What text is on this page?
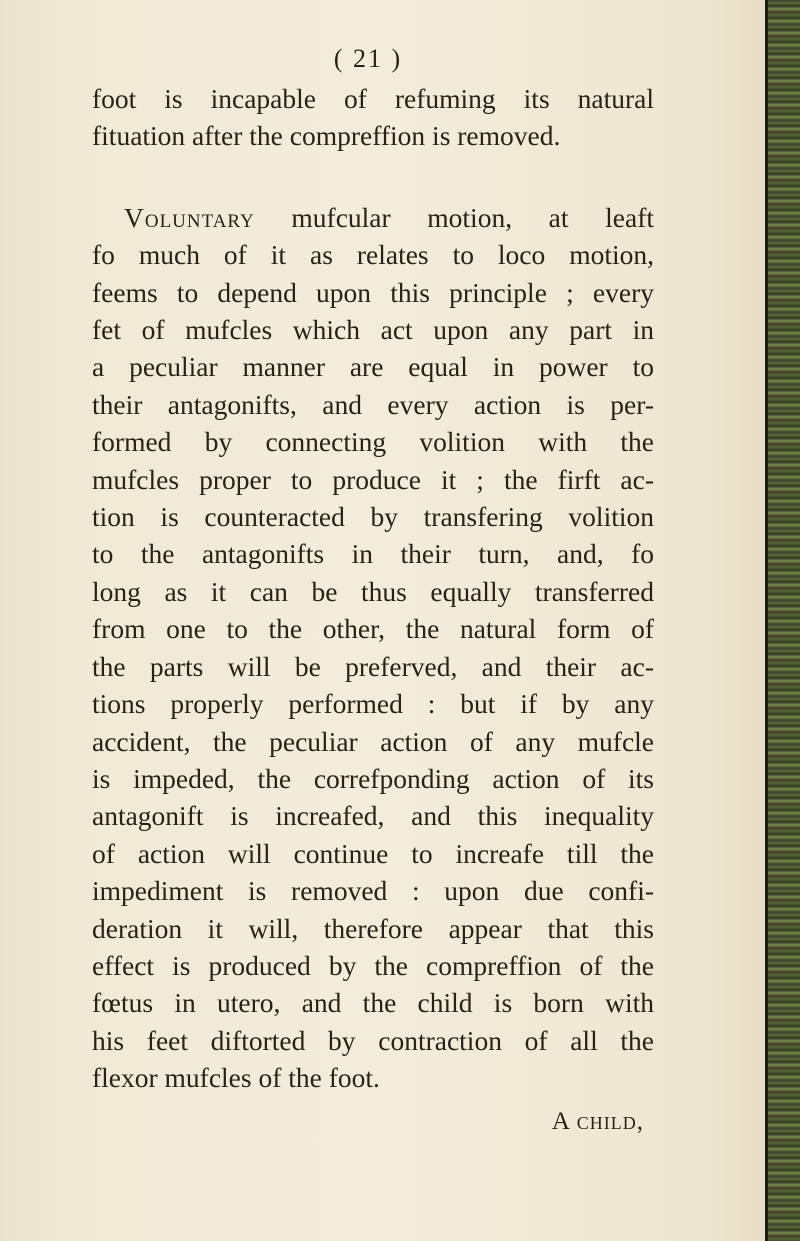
( 21 )
foot is incapable of refuming its natural
fituation after the compreffion is removed.
Voluntary mufcular motion, at leaft
fo much of it as relates to loco motion,
feems to depend upon this principle ; every
fet of mufcles which act upon any part in
a peculiar manner are equal in power to
their antagonifts, and every action is per-
formed by connecting volition with the
mufcles proper to produce it ; the firft ac-
tion is counteracted by transfering volition
to the antagonifts in their turn, and, fo
long as it can be thus equally transferred
from one to the other, the natural form of
the parts will be preferved, and their ac-
tions properly performed : but if by any
accident, the peculiar action of any mufcle
is impeded, the correfponding action of its
antagonift is increafed, and this inequality
of action will continue to increafe till the
impediment is removed : upon due confi-
deration it will, therefore appear that this
effect is produced by the compreffion of the
fœtus in utero, and the child is born with
his feet diftorted by contraction of all the
flexor mufcles of the foot.
A child,
